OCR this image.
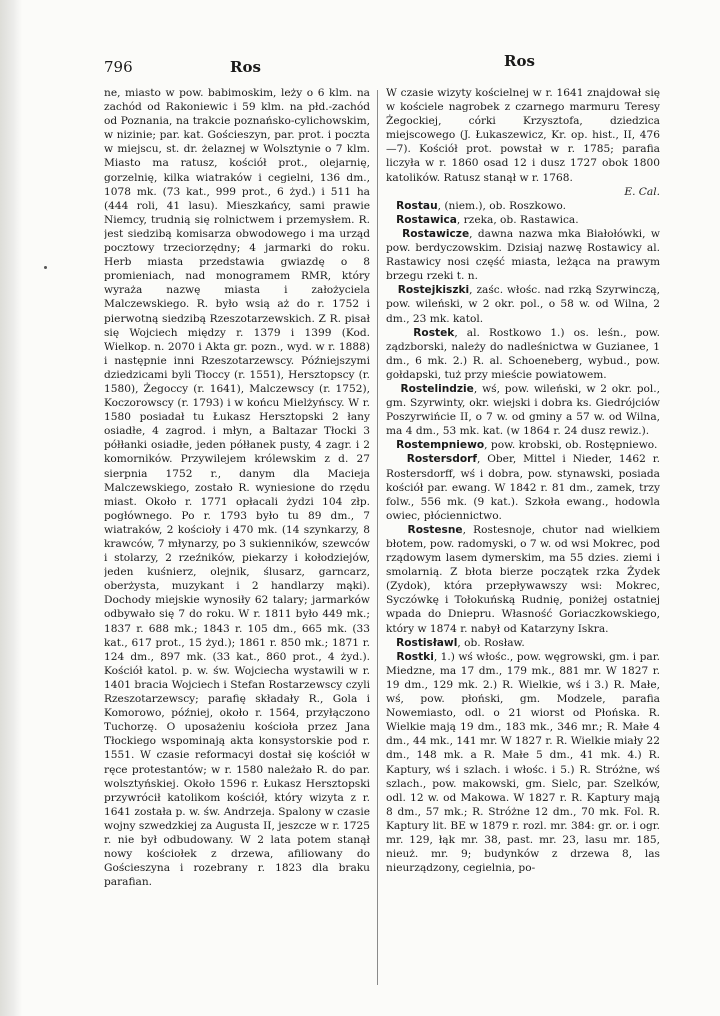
796	Ros	Ros

ne, miasto w pow. babimoskim, leży o 6 klm. na zachód od Rakoniewic i 59 klm. na płd.-zachód od Poznania, na trakcie poznańsko-cylichowskim, w nizinie; par. kat. Gościeszyn, par. prot. i poczta w miejscu, st. dr. żelaznej w Wolsztynie o 7 klm. Miasto ma ratusz, kościół prot., olejarnię, gorzelnię, kilka wiatraków i cegielni, 136 dm., 1078 mk. (73 kat., 999 prot., 6 żyd.) i 511 ha (444 roli, 41 lasu). Mieszkańcy, sami prawie Niemcy, trudnią się rolnictwem i przemysłem. R. jest siedzibą komisarza obwodowego i ma urząd pocztowy trzeciorzędny; 4 jarmarki do roku. Herb miasta przedstawia gwiazdę o 8 promieniach, nad monogramem RMR, który wyraża nazwę miasta i założyciela Malczewskiego. R. było wsią aż do r. 1752 i pierwotną siedzibą Rzeszotarzewskich. Z R. pisał się Wojciech między r. 1379 i 1399 (Kod. Wielkop. n. 2070 i Akta gr. pozn., wyd. w r. 1888) i następnie inni Rzeszotarzewscy. Późniejszymi dziedzicami byli Tłoccy (r. 1551), Hersztopscy (r. 1580), Żegoccy (r. 1641), Malczewscy (r. 1752), Koczorowscy (r. 1793) i w końcu Mielżyńscy. W r. 1580 posiadał tu Łukasz Hersztopski 2 łany osiadłe, 4 zagrod. i młyn, a Baltazar Tłocki 3 półłanki osiadłe, jeden półłanek pusty, 4 zagr. i 2 komorników. Przywilejem królewskim z d. 27 sierpnia 1752 r., danym dla Macieja Malczewskiego, zostało R. wyniesione do rzędu miast. Około r. 1771 opłacali żydzi 104 złp. pogłównego. Po r. 1793 było tu 89 dm., 7 wiatraków, 2 kościoły i 470 mk. (14 szynkarzy, 8 krawców, 7 młynarzy, po 3 sukienników, szewców i stolarzy, 2 rzeźników, piekarzy i kołodziejów, jeden kuśnierz, olejnik, ślusarz, garncarz, oberżysta, muzykant i 2 handlarzy mąki). Dochody miejskie wynosiły 62 talary; jarmarków odbywało się 7 do roku. W r. 1811 było 449 mk.; 1837 r. 688 mk.; 1843 r. 105 dm., 665 mk. (33 kat., 617 prot., 15 żyd.); 1861 r. 850 mk.; 1871 r. 124 dm., 897 mk. (33 kat., 860 prot., 4 żyd.). Kościół katol. p. w. św. Wojciecha wystawili w r. 1401 bracia Wojciech i Stefan Rostarzewscy czyli Rzeszotarzewscy; parafię składały R., Gola i Komorowo, później, około r. 1564, przyłączono Tuchorzę. O uposażeniu kościoła przez Jana Tłockiego wspominają akta konsystorskie pod r. 1551. W czasie reformacyi dostał się kościół w ręce protestantów; w r. 1580 należało R. do par. wolsztyńskiej. Około 1596 r. Łukasz Hersztopski przywrócił katolikom kościół, który wizyta z r. 1641 została p. w. św. Andrzeja. Spalony w czasie wojny szwedzkiej za Augusta II, jeszcze w r. 1725 r. nie był odbudowany. W 2 lata potem stanął nowy kościołek z drzewa, afiliowany do Gościeszyna i rozebrany r. 1823 dla braku parafian.

W czasie wizyty kościelnej w r. 1641 znajdował się w kościele nagrobek z czarnego marmuru Teresy Żegockiej, córki Krzysztofa, dziedzica miejscowego (J. Łukaszewicz, Kr. op. hist., II, 476—7). Kościół prot. powstał w r. 1785; parafia liczyła w r. 1860 osad 12 i dusz 1727 obok 1800 katolików. Ratusz stanął w r. 1768.
E. Cal.

Rostau, (niem.), ob. Roszkowo.

Rostawica, rzeka, ob. Rastawica.

Rostawicze, dawna nazwa mka Białołówki, w pow. berdyczowskim. Dzisiaj nazwę Rostawicy al. Rastawicy nosi część miasta, leżąca na prawym brzegu rzeki t. n.

Rostejkiszki, zaśc. włośc. nad rzką Szyrwinczą, pow. wileński, w 2 okr. pol., o 58 w. od Wilna, 2 dm., 23 mk. katol.

Rostek, al. Rostkowo 1.) os. leśn., pow. ządzborski, należy do nadleśnictwa w Guzianee, 1 dm., 6 mk. 2.) R. al. Schoeneberg, wybud., pow. gołdapski, tuż przy mieście powiatowem.

Rostelindzie, wś, pow. wileński, w 2 okr. pol., gm. Szyrwinty, okr. wiejski i dobra ks. Giedrójciów Poszyrwińcie II, o 7 w. od gminy a 57 w. od Wilna, ma 4 dm., 53 mk. kat. (w 1864 r. 24 dusz rewiz.).

Rostempniewo, pow. krobski, ob. Rostępniewo.

Rostersdorf, Ober, Mittel i Nieder, 1462 r. Rostersdorff, wś i dobra, pow. stynawski, posiada kościół par. ewang. W 1842 r. 81 dm., zamek, trzy folw., 556 mk. (9 kat.). Szkoła ewang., hodowla owiec, płóciennictwo.

Rostesne, Rostesnoje, chutor nad wielkiem błotem, pow. radomyski, o 7 w. od wsi Mokrec, pod rządowym lasem dymerskim, ma 55 dzies. ziemi i smolarnią. Z błota bierze początek rzka Żydek (Zydok), która przepływawszy wsi: Mokrec, Syczówkę i Tołokuńską Rudnię, poniżej ostatniej wpada do Dniepru. Własność Goriaczkowskiego, który w 1874 r. nabył od Katarzyny Iskra.

Rostisławl, ob. Rosław.

Rostki, 1.) wś włośc., pow. węgrowski, gm. i par. Miedzne, ma 17 dm., 179 mk., 881 mr. W 1827 r. 19 dm., 129 mk. 2.) R. Wielkie, wś i 3.) R. Małe, wś, pow. płoński, gm. Modzele, parafia Nowemiasto, odl. o 21 wiorst od Płońska. R. Wielkie mają 19 dm., 183 mk., 346 mr.; R. Małe 4 dm., 44 mk., 141 mr. W 1827 r. R. Wielkie miały 22 dm., 148 mk. a R. Małe 5 dm., 41 mk. 4.) R. Kaptury, wś i szlach. i włośc. i 5.) R. Stróżne, wś szlach., pow. makowski, gm. Sielc, par. Szelków, odl. 12 w. od Makowa. W 1827 r. R. Kaptury mają 8 dm., 57 mk.; R. Stróżne 12 dm., 70 mk. Fol. R. Kaptury lit. BE w 1879 r. rozl. mr. 384: gr. or. i ogr. mr. 129, łąk mr. 38, past. mr. 23, lasu mr. 185, nieuż. mr. 9; budynków z drzewa 8, las nieurządzony, cegielnia, po-
